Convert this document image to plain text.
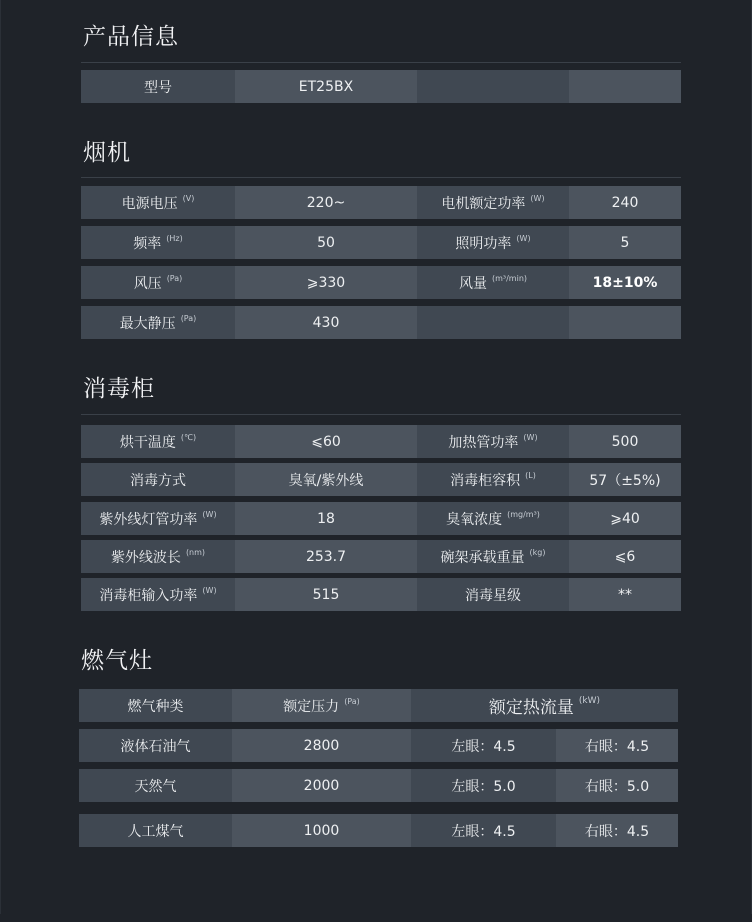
产品信息
型号	ET25BX
烟机
电源电压 (V)	220~	电机额定功率 (W)	240
频率 (Hz)	50	照明功率 (W)	5
风压 (Pa)	⩾330	风量 (m³/min)	18±10%
最大静压 (Pa)	430
消毒柜
烘干温度 (℃)	⩽60	加热管功率 (W)	500
消毒方式	臭氧/紫外线	消毒柜容积 (L)	57（±5%)
紫外线灯管功率 (W)	18	臭氧浓度 (mg/m³)	⩾40
紫外线波长 (nm)	253.7	碗架承载重量 (kg)	⩽6
消毒柜输入功率 (W)	515	消毒星级	**
燃气灶
燃气种类	额定压力 (Pa)	额定热流量 (kW)
液体石油气	2800	左眼：4.5	右眼：4.5
天然气	2000	左眼：5.0	右眼：5.0
人工煤气	1000	左眼：4.5	右眼：4.5
